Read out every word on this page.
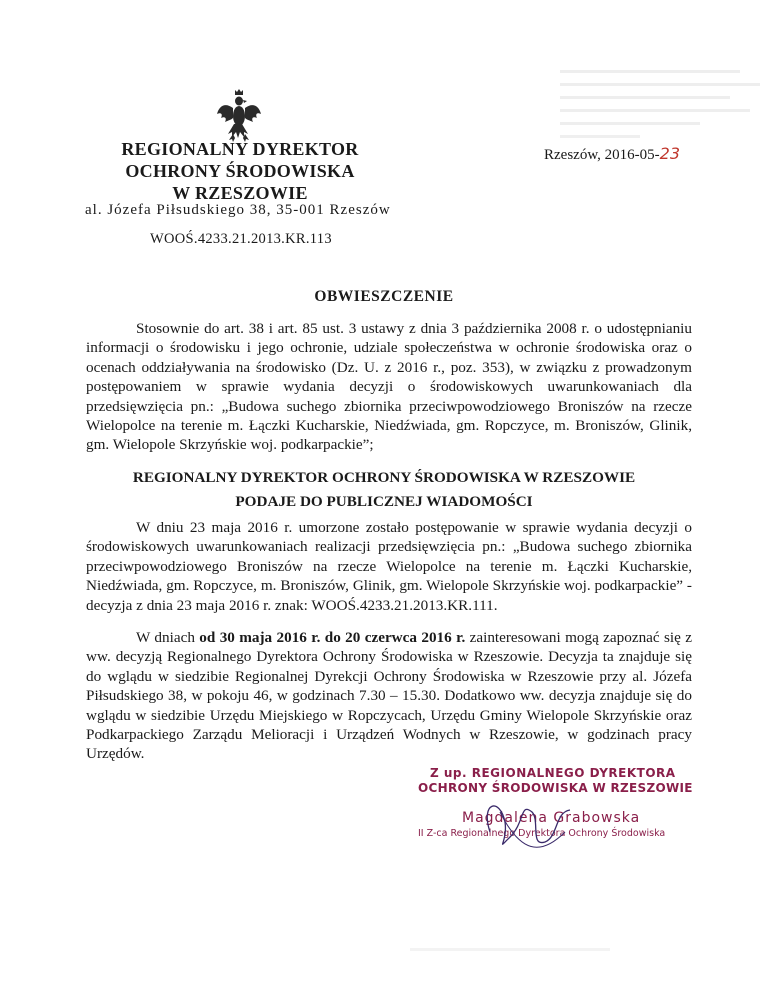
REGIONALNY DYREKTOR
OCHRONY ŚRODOWISKA
W RZESZOWIE
al. Józefa Piłsudskiego 38, 35-001 Rzeszów
Rzeszów, 2016-05-23
WOOŚ.4233.21.2013.KR.113
OBWIESZCZENIE
Stosownie do art. 38 i art. 85 ust. 3 ustawy z dnia 3 października 2008 r. o udostępnianiu informacji o środowisku i jego ochronie, udziale społeczeństwa w ochronie środowiska oraz o ocenach oddziaływania na środowisko (Dz. U. z 2016 r., poz. 353), w związku z prowadzonym postępowaniem w sprawie wydania decyzji o środowiskowych uwarunkowaniach dla przedsięwzięcia pn.: „Budowa suchego zbiornika przeciwpowodziowego Broniszów na rzecze Wielopolce na terenie m. Łączki Kucharskie, Niedźwiada, gm. Ropczyce, m. Broniszów, Glinik, gm. Wielopole Skrzyńskie woj. podkarpackie”;
REGIONALNY DYREKTOR OCHRONY ŚRODOWISKA W RZESZOWIE
PODAJE DO PUBLICZNEJ WIADOMOŚCI
W dniu 23 maja 2016 r. umorzone zostało postępowanie w sprawie wydania decyzji o środowiskowych uwarunkowaniach realizacji przedsięwzięcia pn.: „Budowa suchego zbiornika przeciwpowodziowego Broniszów na rzecze Wielopolce na terenie m. Łączki Kucharskie, Niedźwiada, gm. Ropczyce, m. Broniszów, Glinik, gm. Wielopole Skrzyńskie woj. podkarpackie” - decyzja z dnia 23 maja 2016 r. znak: WOOŚ.4233.21.2013.KR.111.
W dniach od 30 maja 2016 r. do 20 czerwca 2016 r. zainteresowani mogą zapoznać się z ww. decyzją Regionalnego Dyrektora Ochrony Środowiska w Rzeszowie. Decyzja ta znajduje się do wglądu w siedzibie Regionalnej Dyrekcji Ochrony Środowiska w Rzeszowie przy al. Józefa Piłsudskiego 38, w pokoju 46, w godzinach 7.30 – 15.30. Dodatkowo ww. decyzja znajduje się do wglądu w siedzibie Urzędu Miejskiego w Ropczycach, Urzędu Gminy Wielopole Skrzyńskie oraz Podkarpackiego Zarządu Melioracji i Urządzeń Wodnych w Rzeszowie, w godzinach pracy Urzędów.
Z up. REGIONALNEGO DYREKTORA
OCHRONY ŚRODOWISKA W RZESZOWIE
Magdalena Grabowska
II Z-ca Regionalnego Dyrektora Ochrony Środowiska
